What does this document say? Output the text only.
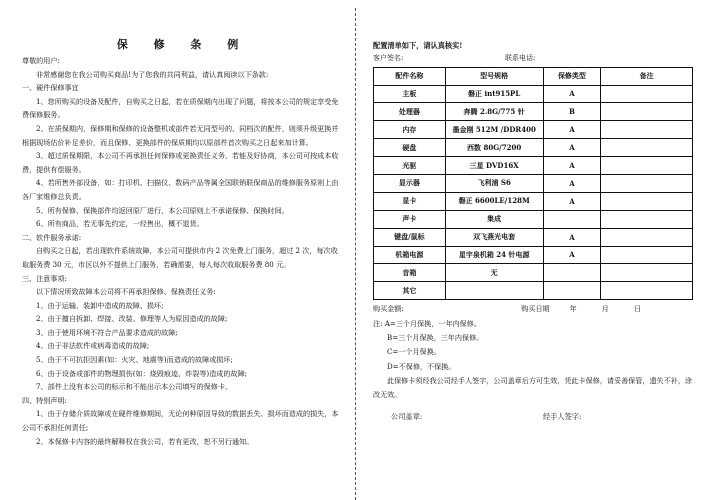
保 修 条 例

尊敬的用户:

非常感谢您在我公司购买商品!为了您我的共同利益，请认真阅读以下条款:

一、硬件保修事宜

1、您所购买的设备及配件，自购买之日起，若在质保期内出现了问题，将按本公司的规定享受免费保修服务。

2、在质保期内，保修期和保修的设备整机或部件若无同型号的、同档次的配件，则须升级更换并根据现场估价补足差价，而且保修、更换部件的保质期均以原部件首次购买之日起来加计算。

3、超过质保期限，本公司不再承担任何保修或更换责任义务，若能及好协商，本公司可按成本收费，提供有偿服务。

4、若所售外部设备，如：打印机、扫描仪、数码产品等属全国联销联保商品的维修服务原则上由各厂家维修总负责。

5、所有保修、保换部件均返回原厂进行，本公司原则上不承诺保修、保换时间。

6、所有商品，若无事先约定，一经售出，概不退货。

二、软件服务承诺:

自购买之日起，若出现软件系统故障，本公司可提供市内 2 次免费上门服务，超过 2 次，每次收取服务费 30 元，市区以外不提供上门服务，若确需要，每人每次收取服务费 80 元。

三、注意事项:

以下情况所致故障本公司将不再承担保修、保换责任义务:

1、由于运输、装卸中造成的故障、损坏;

2、由于擅自拆卸、焊接、改装、修理等人为原因造成的故障;

3、由于使用环境不符合产品要求造成的故障;

4、由于非法软件或病毒造成的故障;

5、由于不可抗拒因素(如：火灾、地震等)而造成的故障或损坏;

6、由于设备或部件的物理损伤(如：烧毁痕迹、炸裂等)造成的故障;

7、部件上没有本公司的标示和不能出示本公司填写的保修卡。

四、特别声明:

1、由于存储介质故障或在硬件维修期间，无论何种原因导致的数据丢失、损坏而造成的损失，本公司不承担任何责任;

2、本保修卡内容的最终解释权在我公司，若有更改，恕不另行通知。

配置清单如下，请认真核实!
客户签名:	联系电话:
配件名称	型号规格	保修类型	备注
主板	磐正 int915PL	A	
处理器	奔腾 2.8G/775 针	B	
内存	墨金刚 512M /DDR400	A	
硬盘	西数 80G/7200	A	
光驱	三星 DVD16X	A	
显示器	飞利浦 S6	A	
显卡	磐正 6600LE/128M	A	
声卡	集成		
键盘/鼠标	双飞燕光电套	A	
机箱电源	星宇泉机箱 24 针电源	A	
音箱	无		
其它			

购买金额:	购买日期	年	月	日

注: A=三个月保换，一年内保修。

B=三个月保换，三年内保修。

C=一个月保换。

D=不保修，不保换。

此保修卡须经我公司经手人签字，公司盖章后方可生效，凭此卡保修，请妥善保管，遗失不补，涂改无效。

公司盖章:	经手人签字:
